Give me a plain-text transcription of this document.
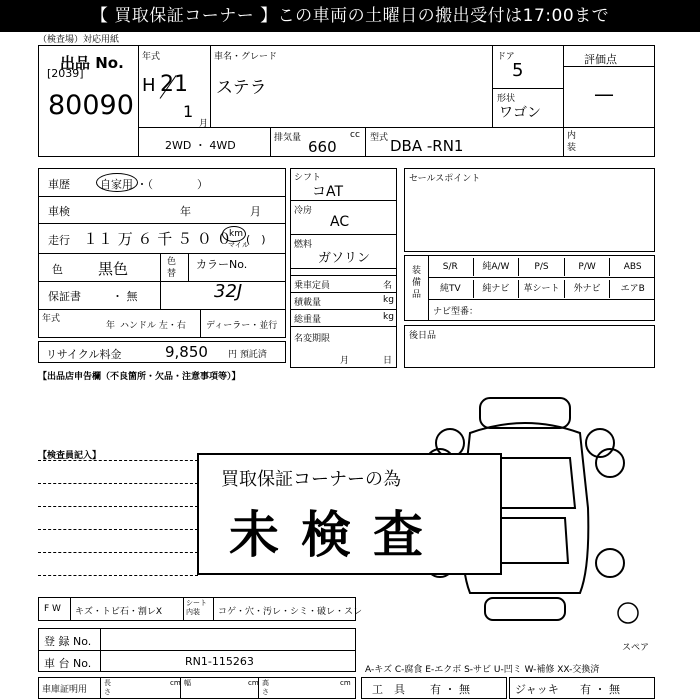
【 買取保証コーナー 】この車両の土曜日の搬出受付は17:00まで
（検査場）対応用紙
出品 No.
[2039]
80090
年式
H 21
1
月
車名・グレード
ステラ
ドア
5
形状
ワゴン
評価点
—
内装
2WD ・ 4WD
排気量	cc
660	型式 DBA -RN1
車歴	自家用 ・（　　　　）
車検	年	月
走行 １１ 万 ６ 千 ５ ０ ０
km
マイル
(　)
色 黒色	色替
カラーNo.
保証書	・ 無	32J
年式
年 ハンドル 左・右 ディーラー・並行
リサイクル料金	9,850 円 預託済
シフト
コAT
冷房
AC
燃料
ガソリン
乗車定員	名
積載量	kg
総重量	kg
名変期限
月	日
セールスポイント
装備品
S/R	純A/W	P/S	P/W	ABS
純TV	純ナビ	革シート	外ナビ	エアB
ナビ型番：
後日品
【出品店申告欄（不良箇所・欠品・注意事項等）】
【検査員記入】
スペア
買取保証コーナーの為
未検査
F W キズ・トビ石・割レX
シート内装	コゲ・穴・汚レ・シミ・破レ・スレ
登 録 No.
車 台 No.	RN1-115263
車庫証明用
長さ
cm 幅	cm 高さ
cm
A-キズ C-腐食 E-エクボ S-サビ U-凹ミ W-補修 XX-交換済
工　具 有 ・ 無	ジャッキ 有 ・ 無
